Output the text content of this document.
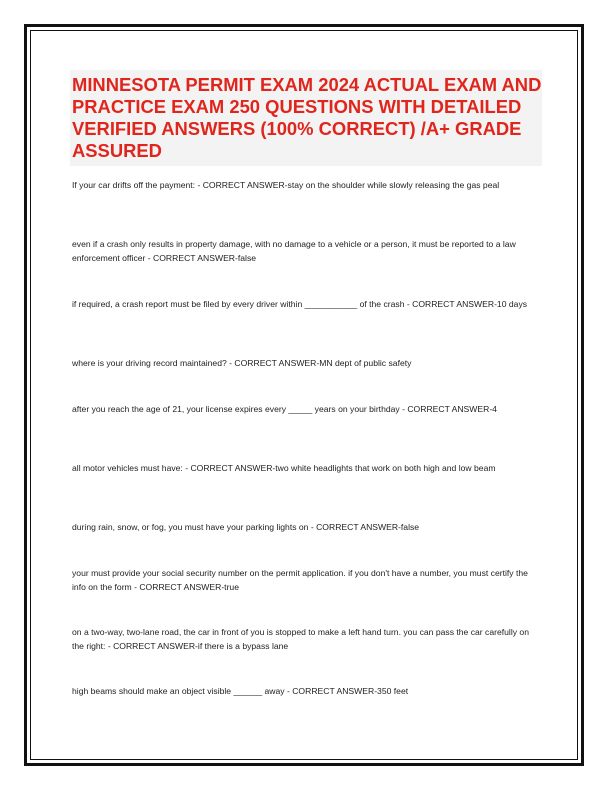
MINNESOTA PERMIT EXAM 2024 ACTUAL EXAM AND PRACTICE EXAM 250 QUESTIONS WITH DETAILED VERIFIED ANSWERS (100% CORRECT) /A+ GRADE ASSURED

If your car drifts off the payment: - CORRECT ANSWER-stay on the shoulder while slowly releasing the gas peal

even if a crash only results in property damage, with no damage to a vehicle or a person, it must be reported to a law enforcement officer - CORRECT ANSWER-false

if required, a crash report must be filed by every driver within ___________ of the crash - CORRECT ANSWER-10 days

where is your driving record maintained? - CORRECT ANSWER-MN dept of public safety

after you reach the age of 21, your license expires every _____ years on your birthday - CORRECT ANSWER-4

all motor vehicles must have: - CORRECT ANSWER-two white headlights that work on both high and low beam

during rain, snow, or fog, you must have your parking lights on - CORRECT ANSWER-false

your must provide your social security number on the permit application. if you don't have a number, you must certify the info on the form - CORRECT ANSWER-true

on a two-way, two-lane road, the car in front of you is stopped to make a left hand turn. you can pass the car carefully on the right: - CORRECT ANSWER-if there is a bypass lane

high beams should make an object visible ______ away - CORRECT ANSWER-350 feet
